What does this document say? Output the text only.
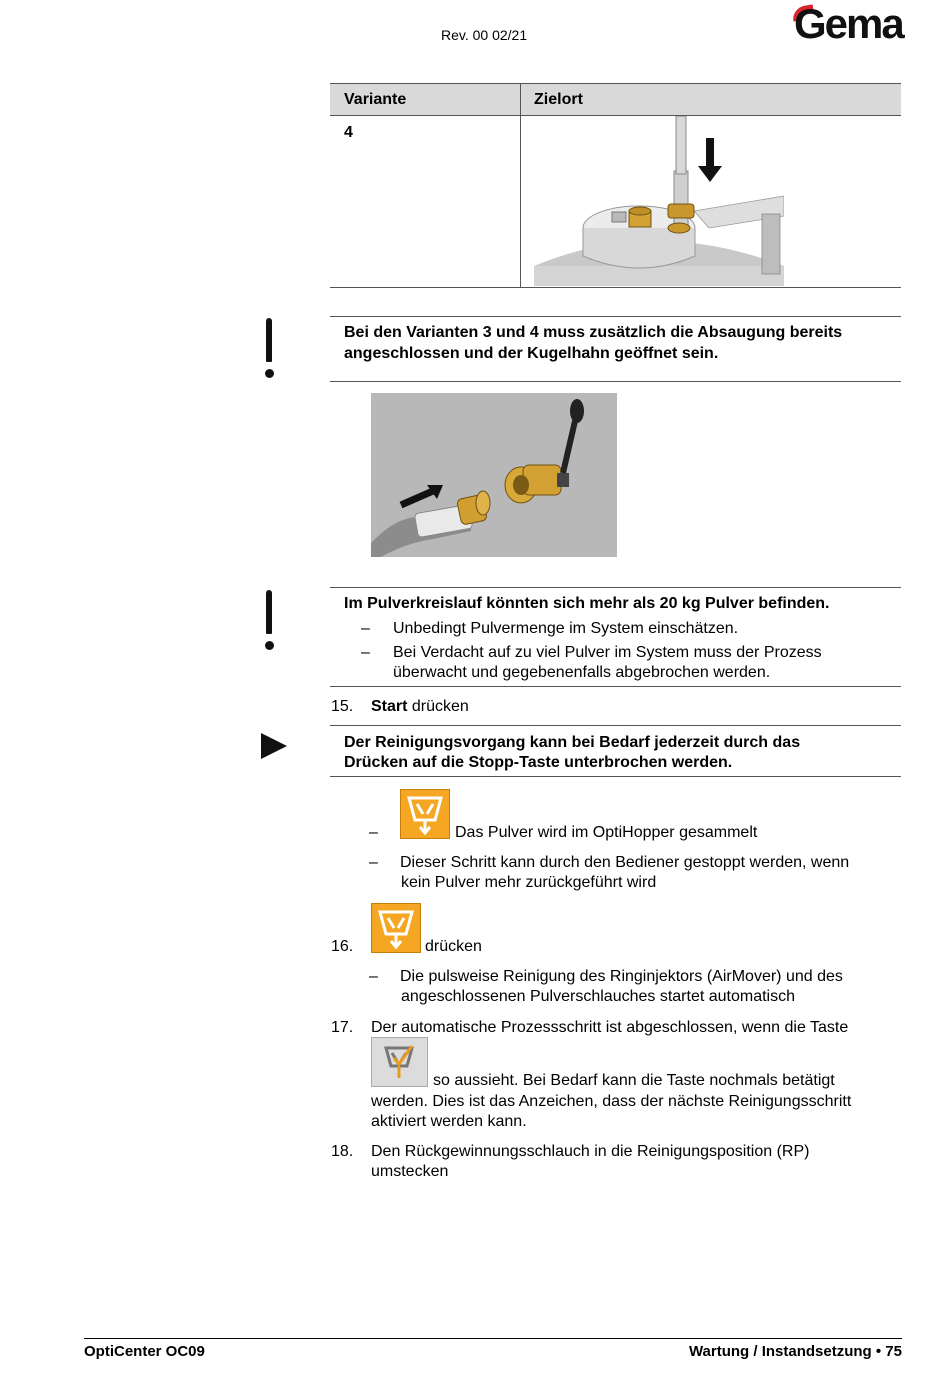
Rev. 00 02/21	Gema
Variante	Zielort
4
Bei den Varianten 3 und 4 muss zusätzlich die Absaugung bereits angeschlossen und der Kugelhahn geöffnet sein.
Im Pulverkreislauf könnten sich mehr als 20 kg Pulver befinden.
– Unbedingt Pulvermenge im System einschätzen.
– Bei Verdacht auf zu viel Pulver im System muss der Prozess
überwacht und gegebenenfalls abgebrochen werden.
15. Start drücken
Der Reinigungsvorgang kann bei Bedarf jederzeit durch das
Drücken auf die Stopp-Taste unterbrochen werden.
–	Das Pulver wird im OptiHopper gesammelt
– Dieser Schritt kann durch den Bediener gestoppt werden, wenn
kein Pulver mehr zurückgeführt wird
16.	drücken
– Die pulsweise Reinigung des Ringinjektors (AirMover) und des
angeschlossenen Pulverschlauches startet automatisch
17. Der automatische Prozessschritt ist abgeschlossen, wenn die Taste
so aussieht. Bei Bedarf kann die Taste nochmals betätigt
werden. Dies ist das Anzeichen, dass der nächste Reinigungsschritt
aktiviert werden kann.
18. Den Rückgewinnungsschlauch in die Reinigungsposition (RP)
umstecken
OptiCenter OC09	Wartung / Instandsetzung • 75
